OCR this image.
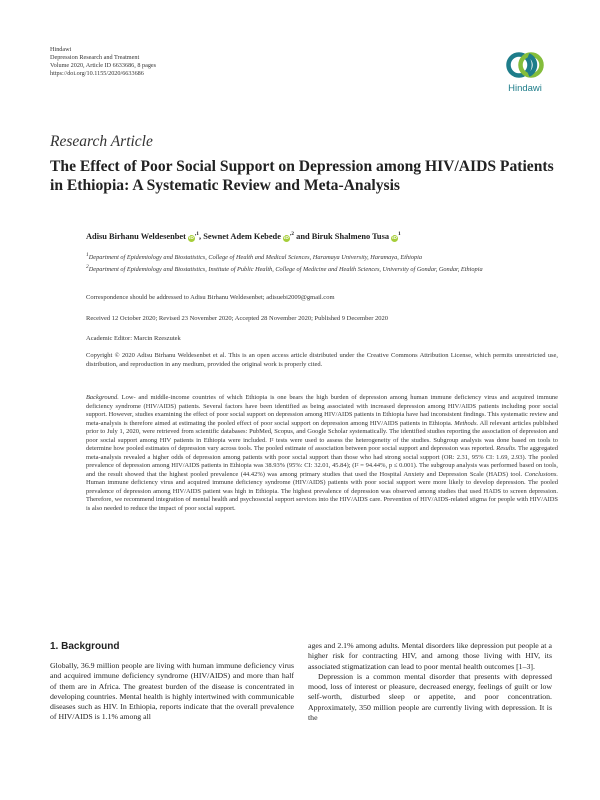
Hindawi
Depression Research and Treatment
Volume 2020, Article ID 6633686, 8 pages
https://doi.org/10.1155/2020/6633686
Hindawi
Research Article
The Effect of Poor Social Support on Depression among HIV/AIDS Patients in Ethiopia: A Systematic Review and Meta-Analysis
Adisu Birhanu Weldesenbet $iD^{,1}$, Sewnet Adem Kebede $iD^{,2}$ and Biruk Shalmeno Tusa $iD^1$
$^1$Department of Epidemiology and Biostatistics, College of Health and Medical Sciences, Haramaya University, Haramaya, Ethiopia
$^2$Department of Epidemiology and Biostatistics, Institute of Public Health, College of Medicine and Health Sciences, University of Gondar, Gondar, Ethiopia
Correspondence should be addressed to Adisu Birhanu Weldesenbet; adisuebi2009@gmail.com
Received 12 October 2020; Revised 23 November 2020; Accepted 28 November 2020; Published 9 December 2020
Academic Editor: Marcin Rzeszutek
Copyright © 2020 Adisu Birhanu Weldesenbet et al. This is an open access article distributed under the Creative Commons Attribution License, which permits unrestricted use, distribution, and reproduction in any medium, provided the original work is properly cited.
Background. Low- and middle-income countries of which Ethiopia is one bears the high burden of depression among human immune deficiency virus and acquired immune deficiency syndrome (HIV/AIDS) patients. Several factors have been identified as being associated with increased depression among HIV/AIDS patients including poor social support. However, studies examining the effect of poor social support on depression among HIV/AIDS patients in Ethiopia have had inconsistent findings. This systematic review and meta-analysis is therefore aimed at estimating the pooled effect of poor social support on depression among HIV/AIDS patients in Ethiopia. Methods. All relevant articles published prior to July 1, 2020, were retrieved from scientific databases: PubMed, Scopus, and Google Scholar systematically. The identified studies reporting the association of depression and poor social support among HIV patients in Ethiopia were included. I² tests were used to assess the heterogeneity of the studies. Subgroup analysis was done based on tools to determine how pooled estimates of depression vary across tools. The pooled estimate of association between poor social support and depression was reported. Results. The aggregated meta-analysis revealed a higher odds of depression among patients with poor social support than those who had strong social support (OR: 2.31, 95% CI: 1.69, 2.93). The pooled prevalence of depression among HIV/AIDS patients in Ethiopia was 38.93% (95%: CI: 32.01, 45.84); (I² = 94.44%, p ≤ 0.001). The subgroup analysis was performed based on tools, and the result showed that the highest pooled prevalence (44.42%) was among primary studies that used the Hospital Anxiety and Depression Scale (HADS) tool. Conclusions. Human immune deficiency virus and acquired immune deficiency syndrome (HIV/AIDS) patients with poor social support were more likely to develop depression. The pooled prevalence of depression among HIV/AIDS patient was high in Ethiopia. The highest prevalence of depression was observed among studies that used HADS to screen depression. Therefore, we recommend integration of mental health and psychosocial support services into the HIV/AIDS care. Prevention of HIV/AIDS-related stigma for people with HIV/AIDS is also needed to reduce the impact of poor social support.
1. Background

Globally, 36.9 million people are living with human immune deficiency virus and acquired immune deficiency syndrome (HIV/AIDS) and more than half of them are in Africa. The greatest burden of the disease is concentrated in developing countries. Mental health is highly intertwined with communicable diseases such as HIV. In Ethiopia, reports indicate that the overall prevalence of HIV/AIDS is 1.1% among all

ages and 2.1% among adults. Mental disorders like depression put people at a higher risk for contracting HIV, and among those living with HIV, its associated stigmatization can lead to poor mental health outcomes [1–3].

Depression is a common mental disorder that presents with depressed mood, loss of interest or pleasure, decreased energy, feelings of guilt or low self-worth, disturbed sleep or appetite, and poor concentration. Approximately, 350 million people are currently living with depression. It is the
